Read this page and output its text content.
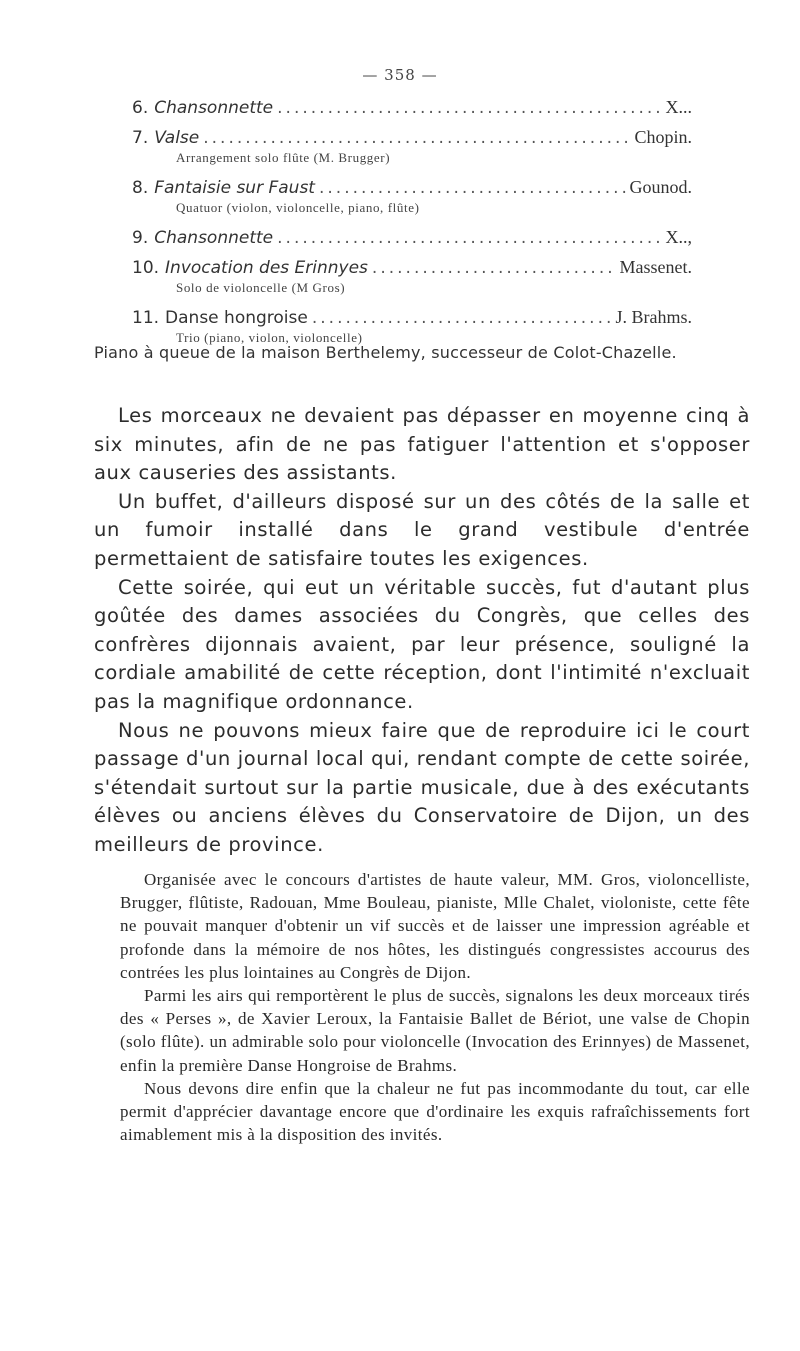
— 358 —
6. Chansonnette .....	X...
7. Valse .....	Chopin.
Arrangement solo flûte (M. Brugger)
8. Fantaisie sur Faust .....	Gounod.
Quatuor (violon, violoncelle, piano, flûte)
9. Chansonnette .....	X..,
10. Invocation des Erinnyes .....	Massenet.
Solo de violoncelle (M Gros)
11. Danse hongroise .....	J. Brahms.
Trio (piano, violon, violoncelle)
Piano à queue de la maison Berthelemy, successeur de Colot-Chazelle.

Les morceaux ne devaient pas dépasser en moyenne cinq à six minutes, afin de ne pas fatiguer l'attention et s'opposer aux causeries des assistants.

Un buffet, d'ailleurs disposé sur un des côtés de la salle et un fumoir installé dans le grand vestibule d'entrée permettaient de satisfaire toutes les exigences.

Cette soirée, qui eut un véritable succès, fut d'autant plus goûtée des dames associées du Congrès, que celles des confrères dijonnais avaient, par leur présence, souligné la cordiale amabilité de cette réception, dont l'intimité n'excluait pas la magnifique ordonnance.

Nous ne pouvons mieux faire que de reproduire ici le court passage d'un journal local qui, rendant compte de cette soirée, s'étendait surtout sur la partie musicale, due à des exécutants élèves ou anciens élèves du Conservatoire de Dijon, un des meilleurs de province.

Organisée avec le concours d'artistes de haute valeur, MM. Gros, violoncelliste, Brugger, flûtiste, Radouan, Mme Bouleau, pianiste, Mlle Chalet, violoniste, cette fête ne pouvait manquer d'obtenir un vif succès et de laisser une impression agréable et profonde dans la mémoire de nos hôtes, les distingués congressistes accourus des contrées les plus lointaines au Congrès de Dijon.

Parmi les airs qui remportèrent le plus de succès, signalons les deux morceaux tirés des « Perses », de Xavier Leroux, la Fantaisie Ballet de Bériot, une valse de Chopin (solo flûte). un admirable solo pour violoncelle (Invocation des Erinnyes) de Massenet, enfin la première Danse Hongroise de Brahms.

Nous devons dire enfin que la chaleur ne fut pas incommodante du tout, car elle permit d'apprécier davantage encore que d'ordinaire les exquis rafraîchissements fort aimablement mis à la disposition des invités.
